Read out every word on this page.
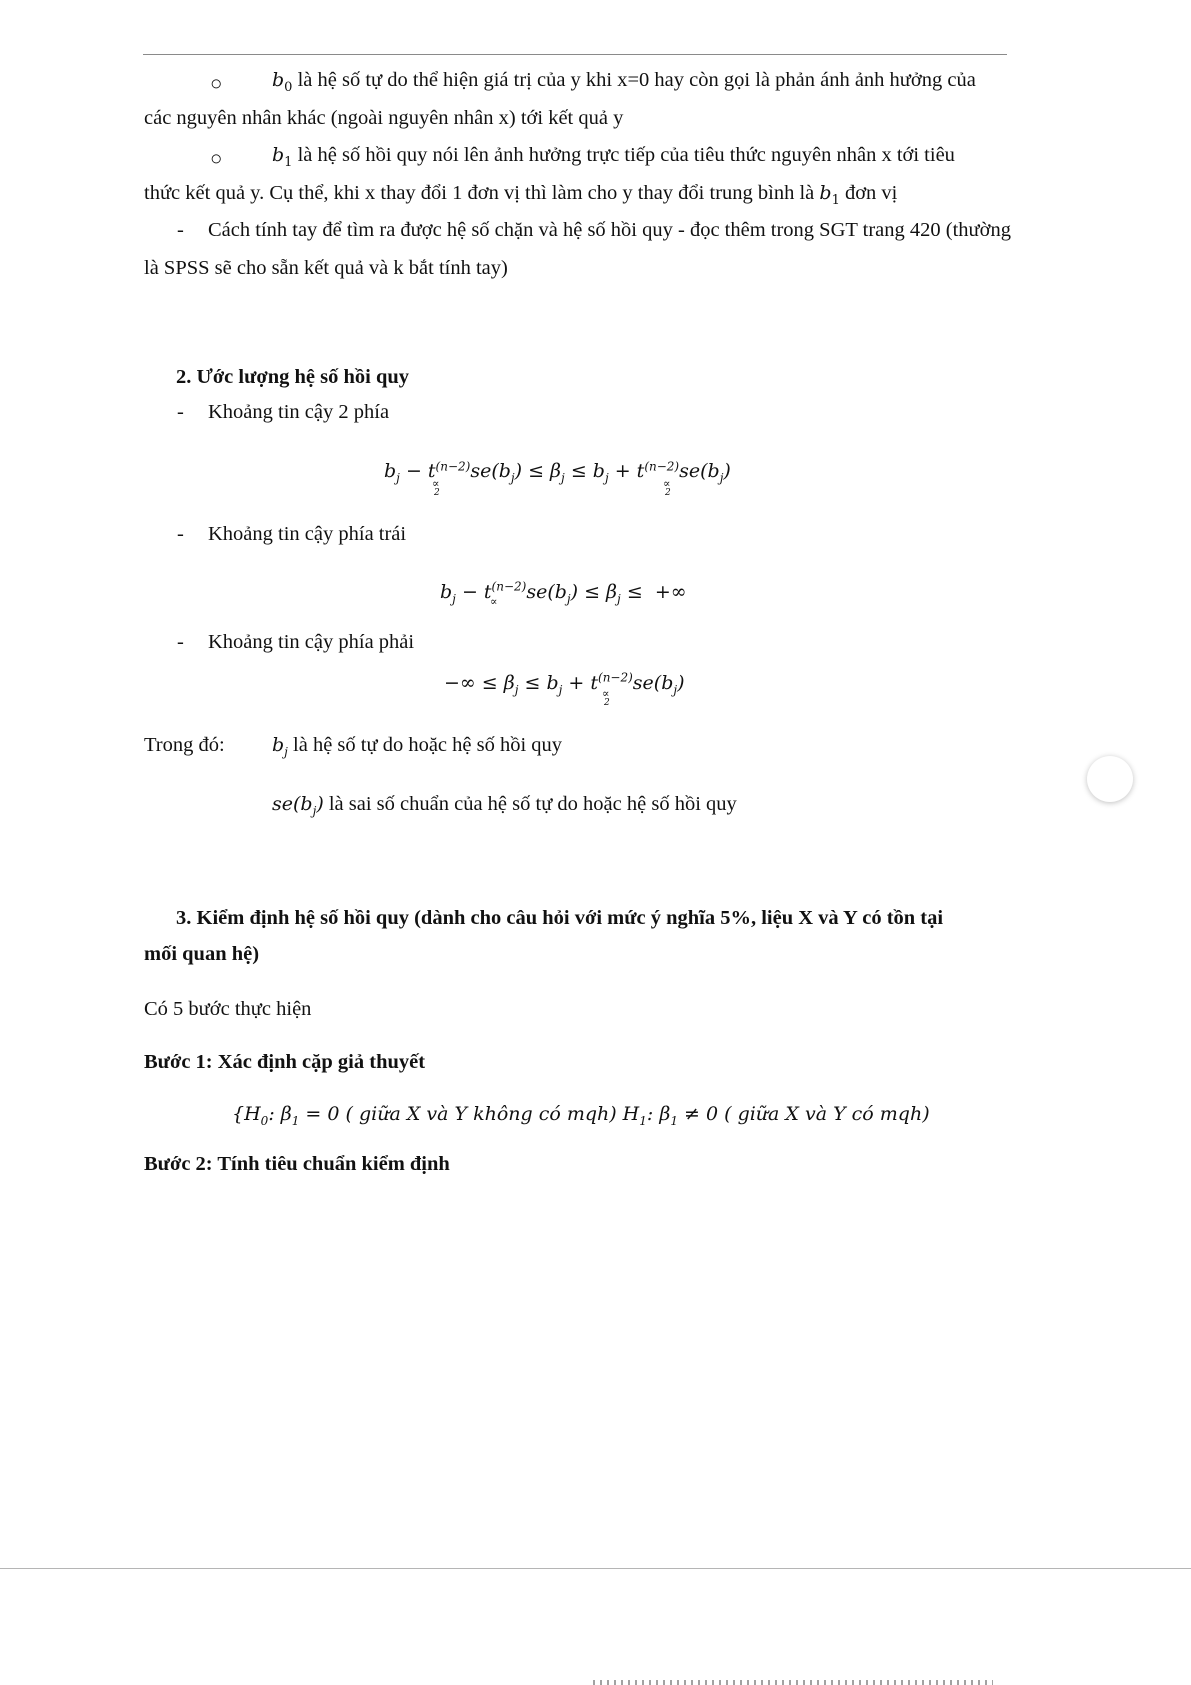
○	$b_0$ là hệ số tự do thể hiện giá trị của y khi x=0 hay còn gọi là phản ánh ảnh hưởng của
các nguyên nhân khác (ngoài nguyên nhân x) tới kết quả y
○	$b_1$ là hệ số hồi quy nói lên ảnh hưởng trực tiếp của tiêu thức nguyên nhân x tới tiêu
thức kết quả y. Cụ thể, khi x thay đổi 1 đơn vị thì làm cho y thay đổi trung bình là $b_1$ đơn vị
- Cách tính tay để tìm ra được hệ số chặn và hệ số hồi quy - đọc thêm trong SGT trang 420 (thường
là SPSS sẽ cho sẵn kết quả và k bắt tính tay)
2. Ước lượng hệ số hồi quy
- Khoảng tin cậy 2 phía
$b_j - t^{(n-2)}se(b_j) \le \beta_j \le b_j + t^{(n-2)}se(b_j)$
∝
2
∝
2
- Khoảng tin cậy phía trái
$b_j - t^{(n-2)}se(b_j) \le \beta_j$ ≤  +∞
∝
- Khoảng tin cậy phía phải
−∞ ≤ $\beta_j \le b_j + t^{(n-2)}se(b_j)$
∝
2
Trong đó: $b_j$ là hệ số tự do hoặc hệ số hồi quy
$se(b_j)$ là sai số chuẩn của hệ số tự do hoặc hệ số hồi quy
3. Kiểm định hệ số hồi quy (dành cho câu hỏi với mức ý nghĩa 5%, liệu X và Y có tồn tại
mối quan hệ)
Có 5 bước thực hiện
Bước 1: Xác định cặp giả thuyết
{$H_0$: $\beta_1 = 0$ ( giữa X và Y không có mqh) $H_1$: $\beta_1 \ne 0$ ( giữa X và Y có mqh)
Bước 2: Tính tiêu chuẩn kiểm định
